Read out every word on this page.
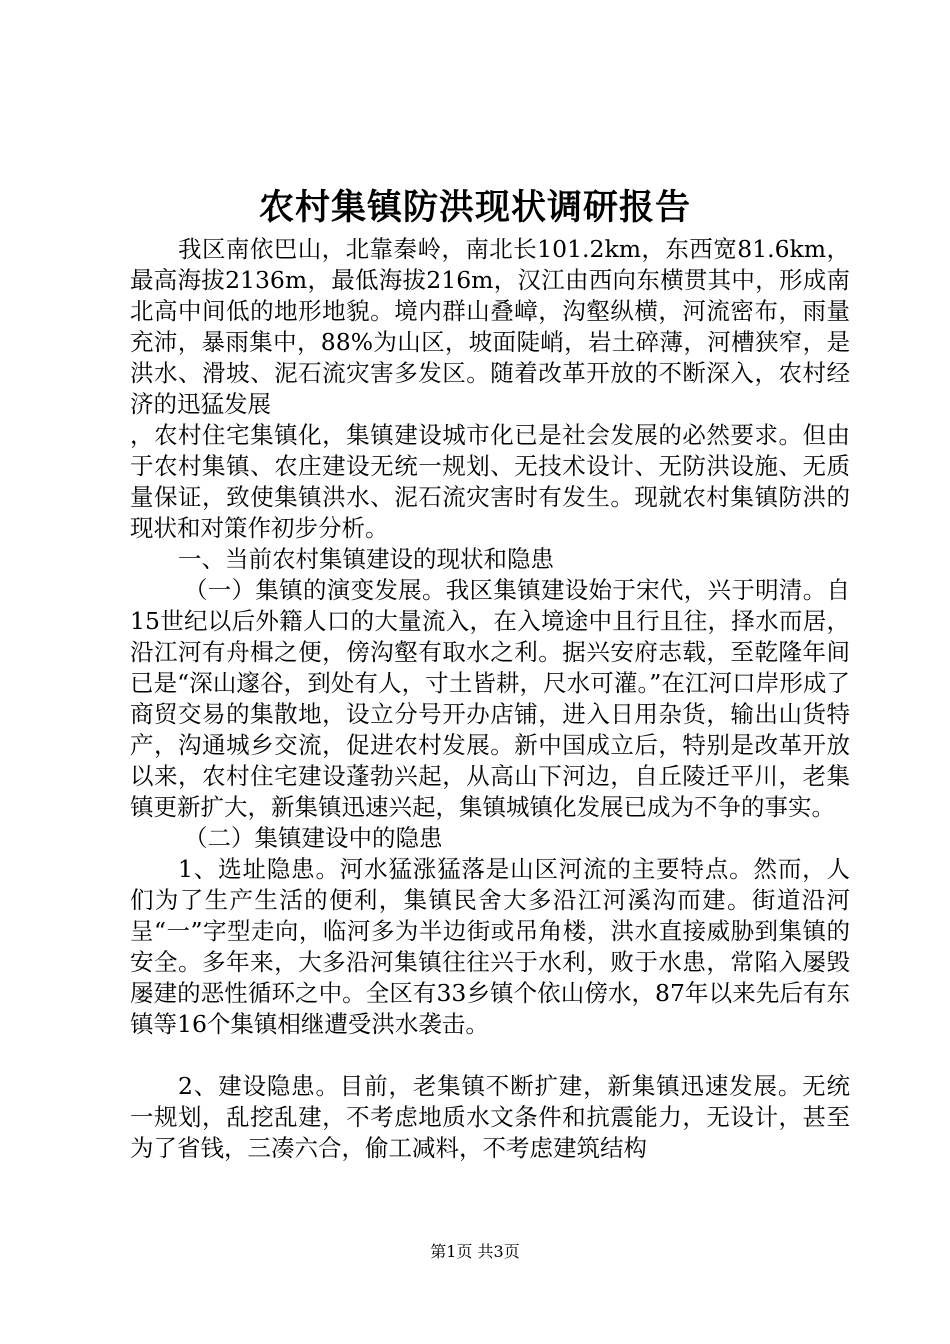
农村集镇防洪现状调研报告

我区南依巴山，北靠秦岭，南北长101.2km，东西宽81.6km，最高海拔2136m，最低海拔216m，汉江由西向东横贯其中，形成南北高中间低的地形地貌。境内群山叠嶂，沟壑纵横，河流密布，雨量充沛，暴雨集中，88%为山区，坡面陡峭，岩土碎薄，河槽狭窄，是洪水、滑坡、泥石流灾害多发区。随着改革开放的不断深入，农村经济的迅猛发展

，农村住宅集镇化，集镇建设城市化已是社会发展的必然要求。但由于农村集镇、农庄建设无统一规划、无技术设计、无防洪设施、无质量保证，致使集镇洪水、泥石流灾害时有发生。现就农村集镇防洪的现状和对策作初步分析。

一、当前农村集镇建设的现状和隐患

（一）集镇的演变发展。我区集镇建设始于宋代，兴于明清。自15世纪以后外籍人口的大量流入，在入境途中且行且往，择水而居，沿江河有舟楫之便，傍沟壑有取水之利。据兴安府志载，至乾隆年间已是“深山邃谷，到处有人，寸土皆耕，尺水可灌。”在江河口岸形成了商贸交易的集散地，设立分号开办店铺，进入日用杂货，输出山货特产，沟通城乡交流，促进农村发展。新中国成立后，特别是改革开放以来，农村住宅建设蓬勃兴起，从高山下河边，自丘陵迁平川，老集镇更新扩大，新集镇迅速兴起，集镇城镇化发展已成为不争的事实。

（二）集镇建设中的隐患

1、选址隐患。河水猛涨猛落是山区河流的主要特点。然而，人们为了生产生活的便利，集镇民舍大多沿江河溪沟而建。街道沿河呈“一”字型走向，临河多为半边街或吊角楼，洪水直接威胁到集镇的安全。多年来，大多沿河集镇往往兴于水利，败于水患，常陷入屡毁屡建的恶性循环之中。全区有33乡镇个依山傍水，87年以来先后有东镇等16个集镇相继遭受洪水袭击。

2、建设隐患。目前，老集镇不断扩建，新集镇迅速发展。无统一规划，乱挖乱建，不考虑地质水文条件和抗震能力，无设计，甚至为了省钱，三凑六合，偷工减料，不考虑建筑结构

第1页 共3页
